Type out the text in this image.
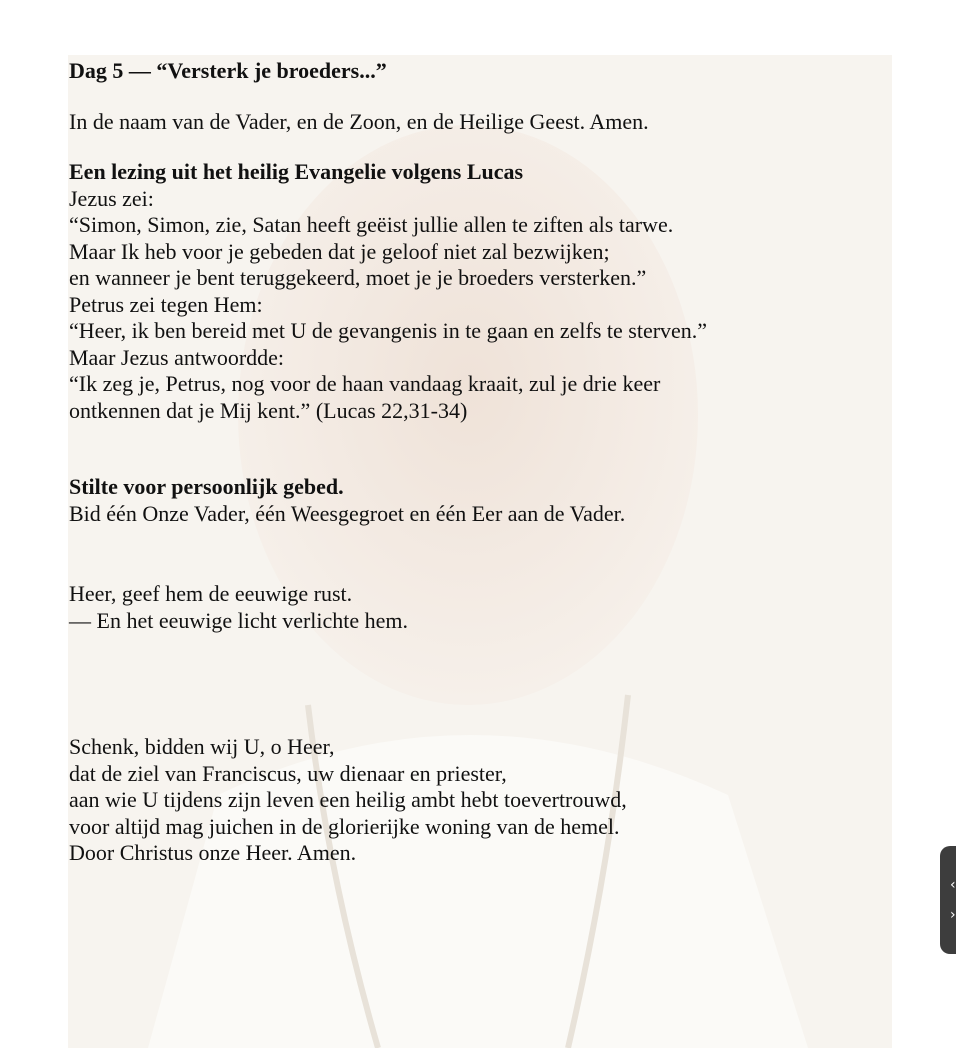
Dag 5 — “Versterk je broeders...”

In de naam van de Vader, en de Zoon, en de Heilige Geest. Amen.

Een lezing uit het heilig Evangelie volgens Lucas

Jezus zei:

“Simon, Simon, zie, Satan heeft geëist jullie allen te ziften als tarwe.

Maar Ik heb voor je gebeden dat je geloof niet zal bezwijken;

en wanneer je bent teruggekeerd, moet je je broeders versterken.”

Petrus zei tegen Hem:

“Heer, ik ben bereid met U de gevangenis in te gaan en zelfs te sterven.”

Maar Jezus antwoordde:

“Ik zeg je, Petrus, nog voor de haan vandaag kraait, zul je drie keer

ontkennen dat je Mij kent.” (Lucas 22,31-34)

Stilte voor persoonlijk gebed.

Bid één Onze Vader, één Weesgegroet en één Eer aan de Vader.

Heer, geef hem de eeuwige rust.

— En het eeuwige licht verlichte hem.

Schenk, bidden wij U, o Heer,

dat de ziel van Franciscus, uw dienaar en priester,

aan wie U tijdens zijn leven een heilig ambt hebt toevertrouwd,

voor altijd mag juichen in de glorierijke woning van de hemel.

Door Christus onze Heer. Amen.

‹
›
